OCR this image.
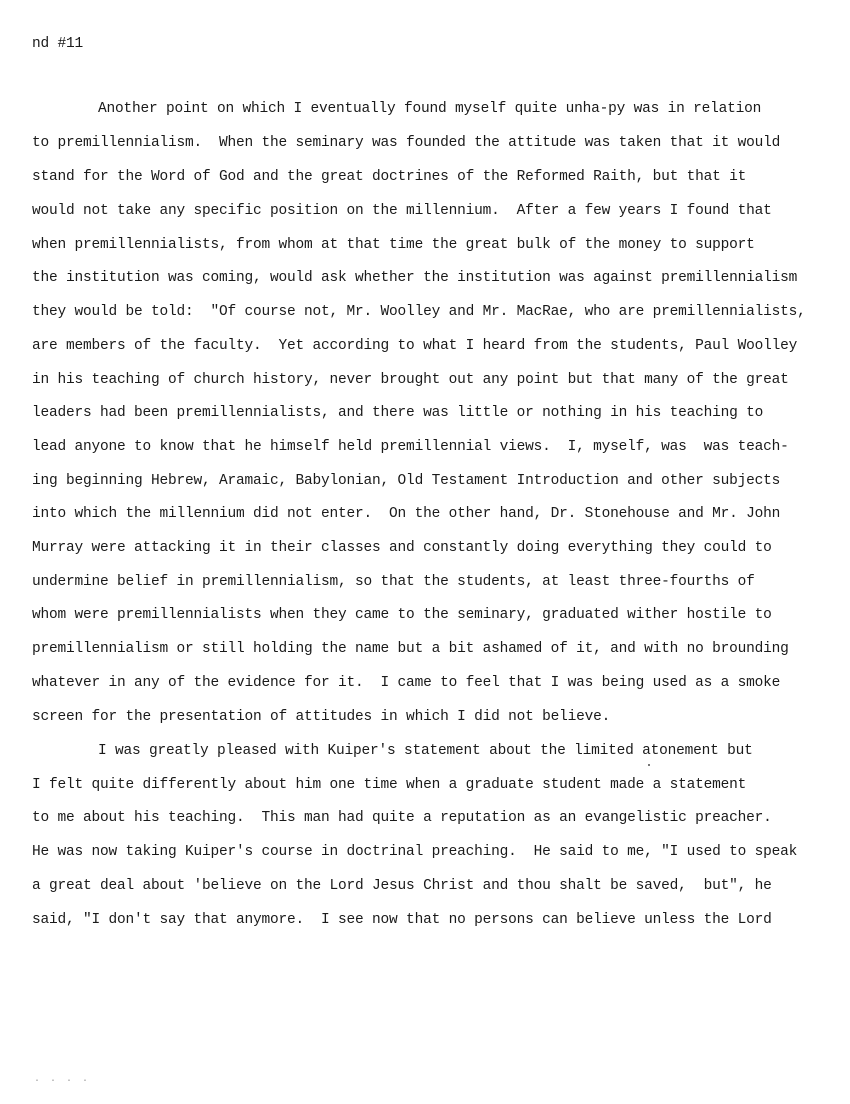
nd #11
Another point on which I eventually found myself quite unha-py was in relation
to premillennialism.  When the seminary was founded the attitude was taken that it would
stand for the Word of God and the great doctrines of the Reformed Raith, but that it
would not take any specific position on the millennium.  After a few years I found that
when premillennialists, from whom at that time the great bulk of the money to support
the institution was coming, would ask whether the institution was against premillennialism
they would be told:  "Of course not, Mr. Woolley and Mr. MacRae, who are premillennialists,
are members of the faculty.  Yet according to what I heard from the students, Paul Woolley
in his teaching of church history, never brought out any point but that many of the great
leaders had been premillennialists, and there was little or nothing in his teaching to
lead anyone to know that he himself held premillennial views.  I, myself, was  was teach-
ing beginning Hebrew, Aramaic, Babylonian, Old Testament Introduction and other subjects
into which the millennium did not enter.  On the other hand, Dr. Stonehouse and Mr. John
Murray were attacking it in their classes and constantly doing everything they could to
undermine belief in premillennialism, so that the students, at least three-fourths of
whom were premillennialists when they came to the seminary, graduated wither hostile to
premillennialism or still holding the name but a bit ashamed of it, and with no brounding
whatever in any of the evidence for it.  I came to feel that I was being used as a smoke
screen for the presentation of attitudes in which I did not believe.
I was greatly pleased with Kuiper's statement about the limited atonement but
I felt quite differently about him one time when a graduate student made a statement
to me about his teaching.  This man had quite a reputation as an evangelistic preacher.
He was now taking Kuiper's course in doctrinal preaching.  He said to me, "I used to speak
a great deal about 'believe on the Lord Jesus Christ and thou shalt be saved,  but", he
said, "I don't say that anymore.  I see now that no persons can believe unless the Lord
. . . .
